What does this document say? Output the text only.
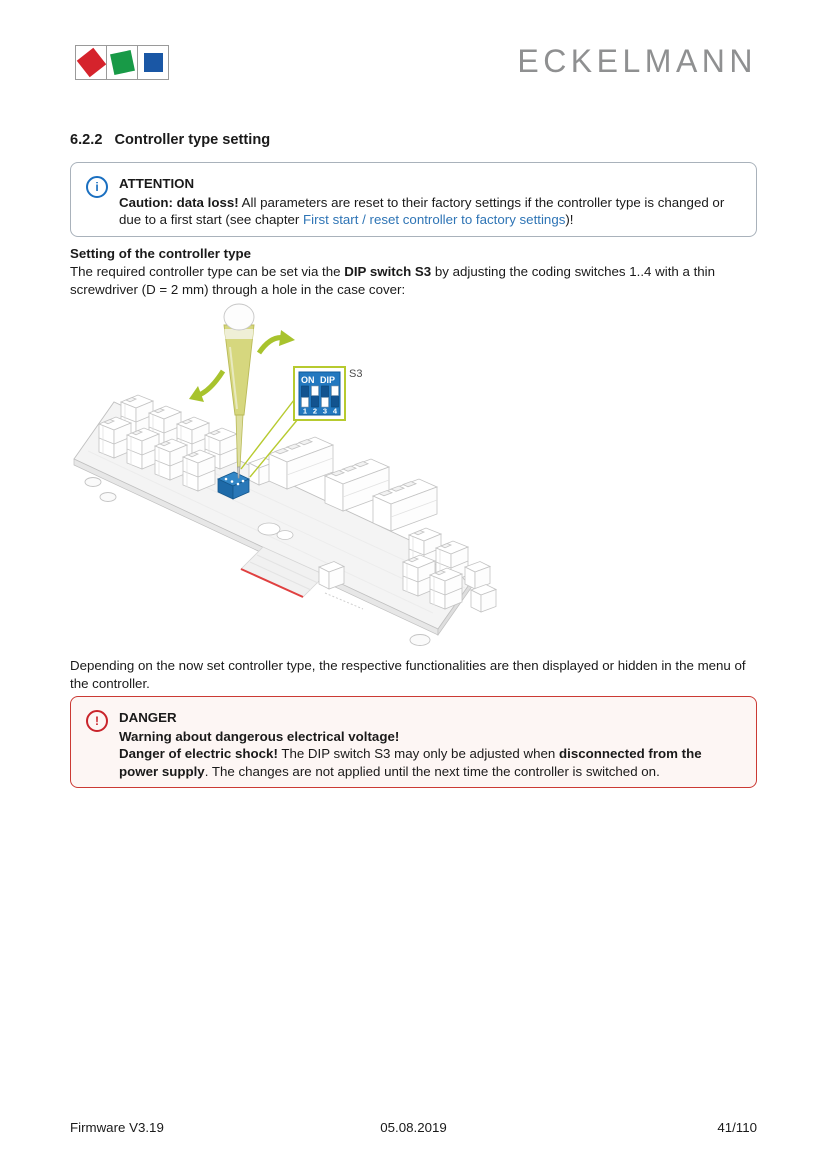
ECKELMANN
6.2.2 Controller type setting
i	ATTENTION
Caution: data loss! All parameters are reset to their factory settings if the controller type is changed or due to a first start (see chapter First start / reset controller to factory settings)!
Setting of the controller type
The required controller type can be set via the DIP switch S3 by adjusting the coding switches 1..4 with a thin screwdriver (D = 2 mm) through a hole in the case cover:
ON DIP
1 2 3 4
S3
Depending on the now set controller type, the respective functionalities are then displayed or hidden in the menu of the controller.
!	DANGER
Warning about dangerous electrical voltage!
Danger of electric shock! The DIP switch S3 may only be adjusted when disconnected from the power supply. The changes are not applied until the next time the controller is switched on.
Firmware V3.19	05.08.2019	41/110
